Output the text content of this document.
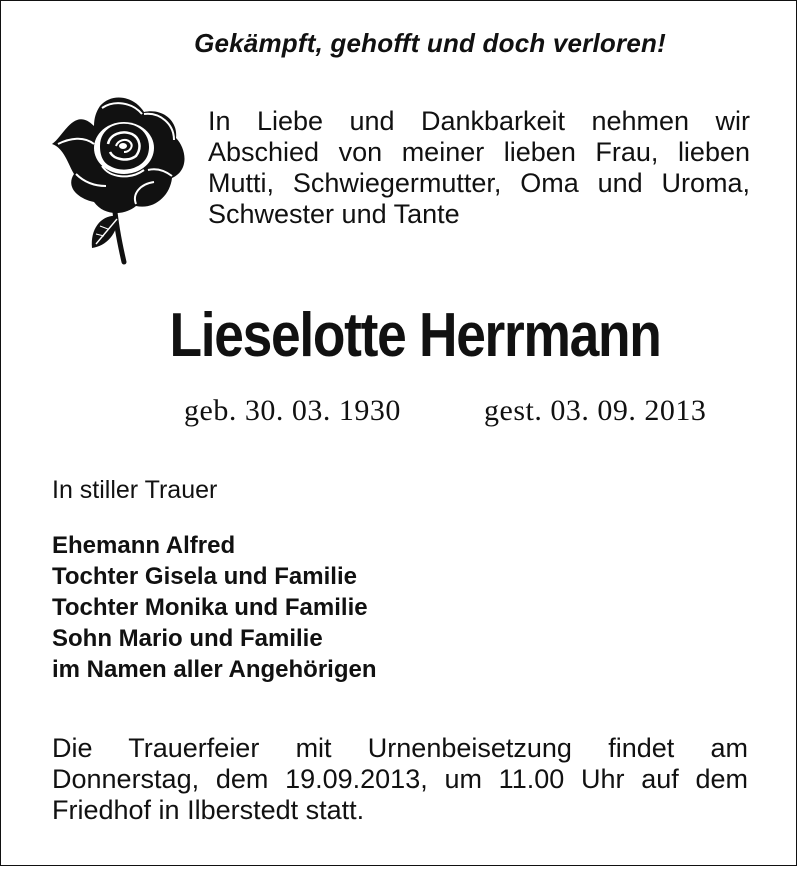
Gekämpft, gehofft und doch verloren!
In Liebe und Dankbarkeit nehmen wir Abschied von meiner lieben Frau, lieben Mutti, Schwiegermutter, Oma und Uroma, Schwester und Tante
Lieselotte Herrmann
geb. 30. 03. 1930	gest. 03. 09. 2013
In stiller Trauer
Ehemann Alfred
Tochter Gisela und Familie
Tochter Monika und Familie
Sohn Mario und Familie
im Namen aller Angehörigen
Die Trauerfeier mit Urnenbeisetzung findet am Donnerstag, dem 19.09.2013, um 11.00 Uhr auf dem Friedhof in Ilberstedt statt.
